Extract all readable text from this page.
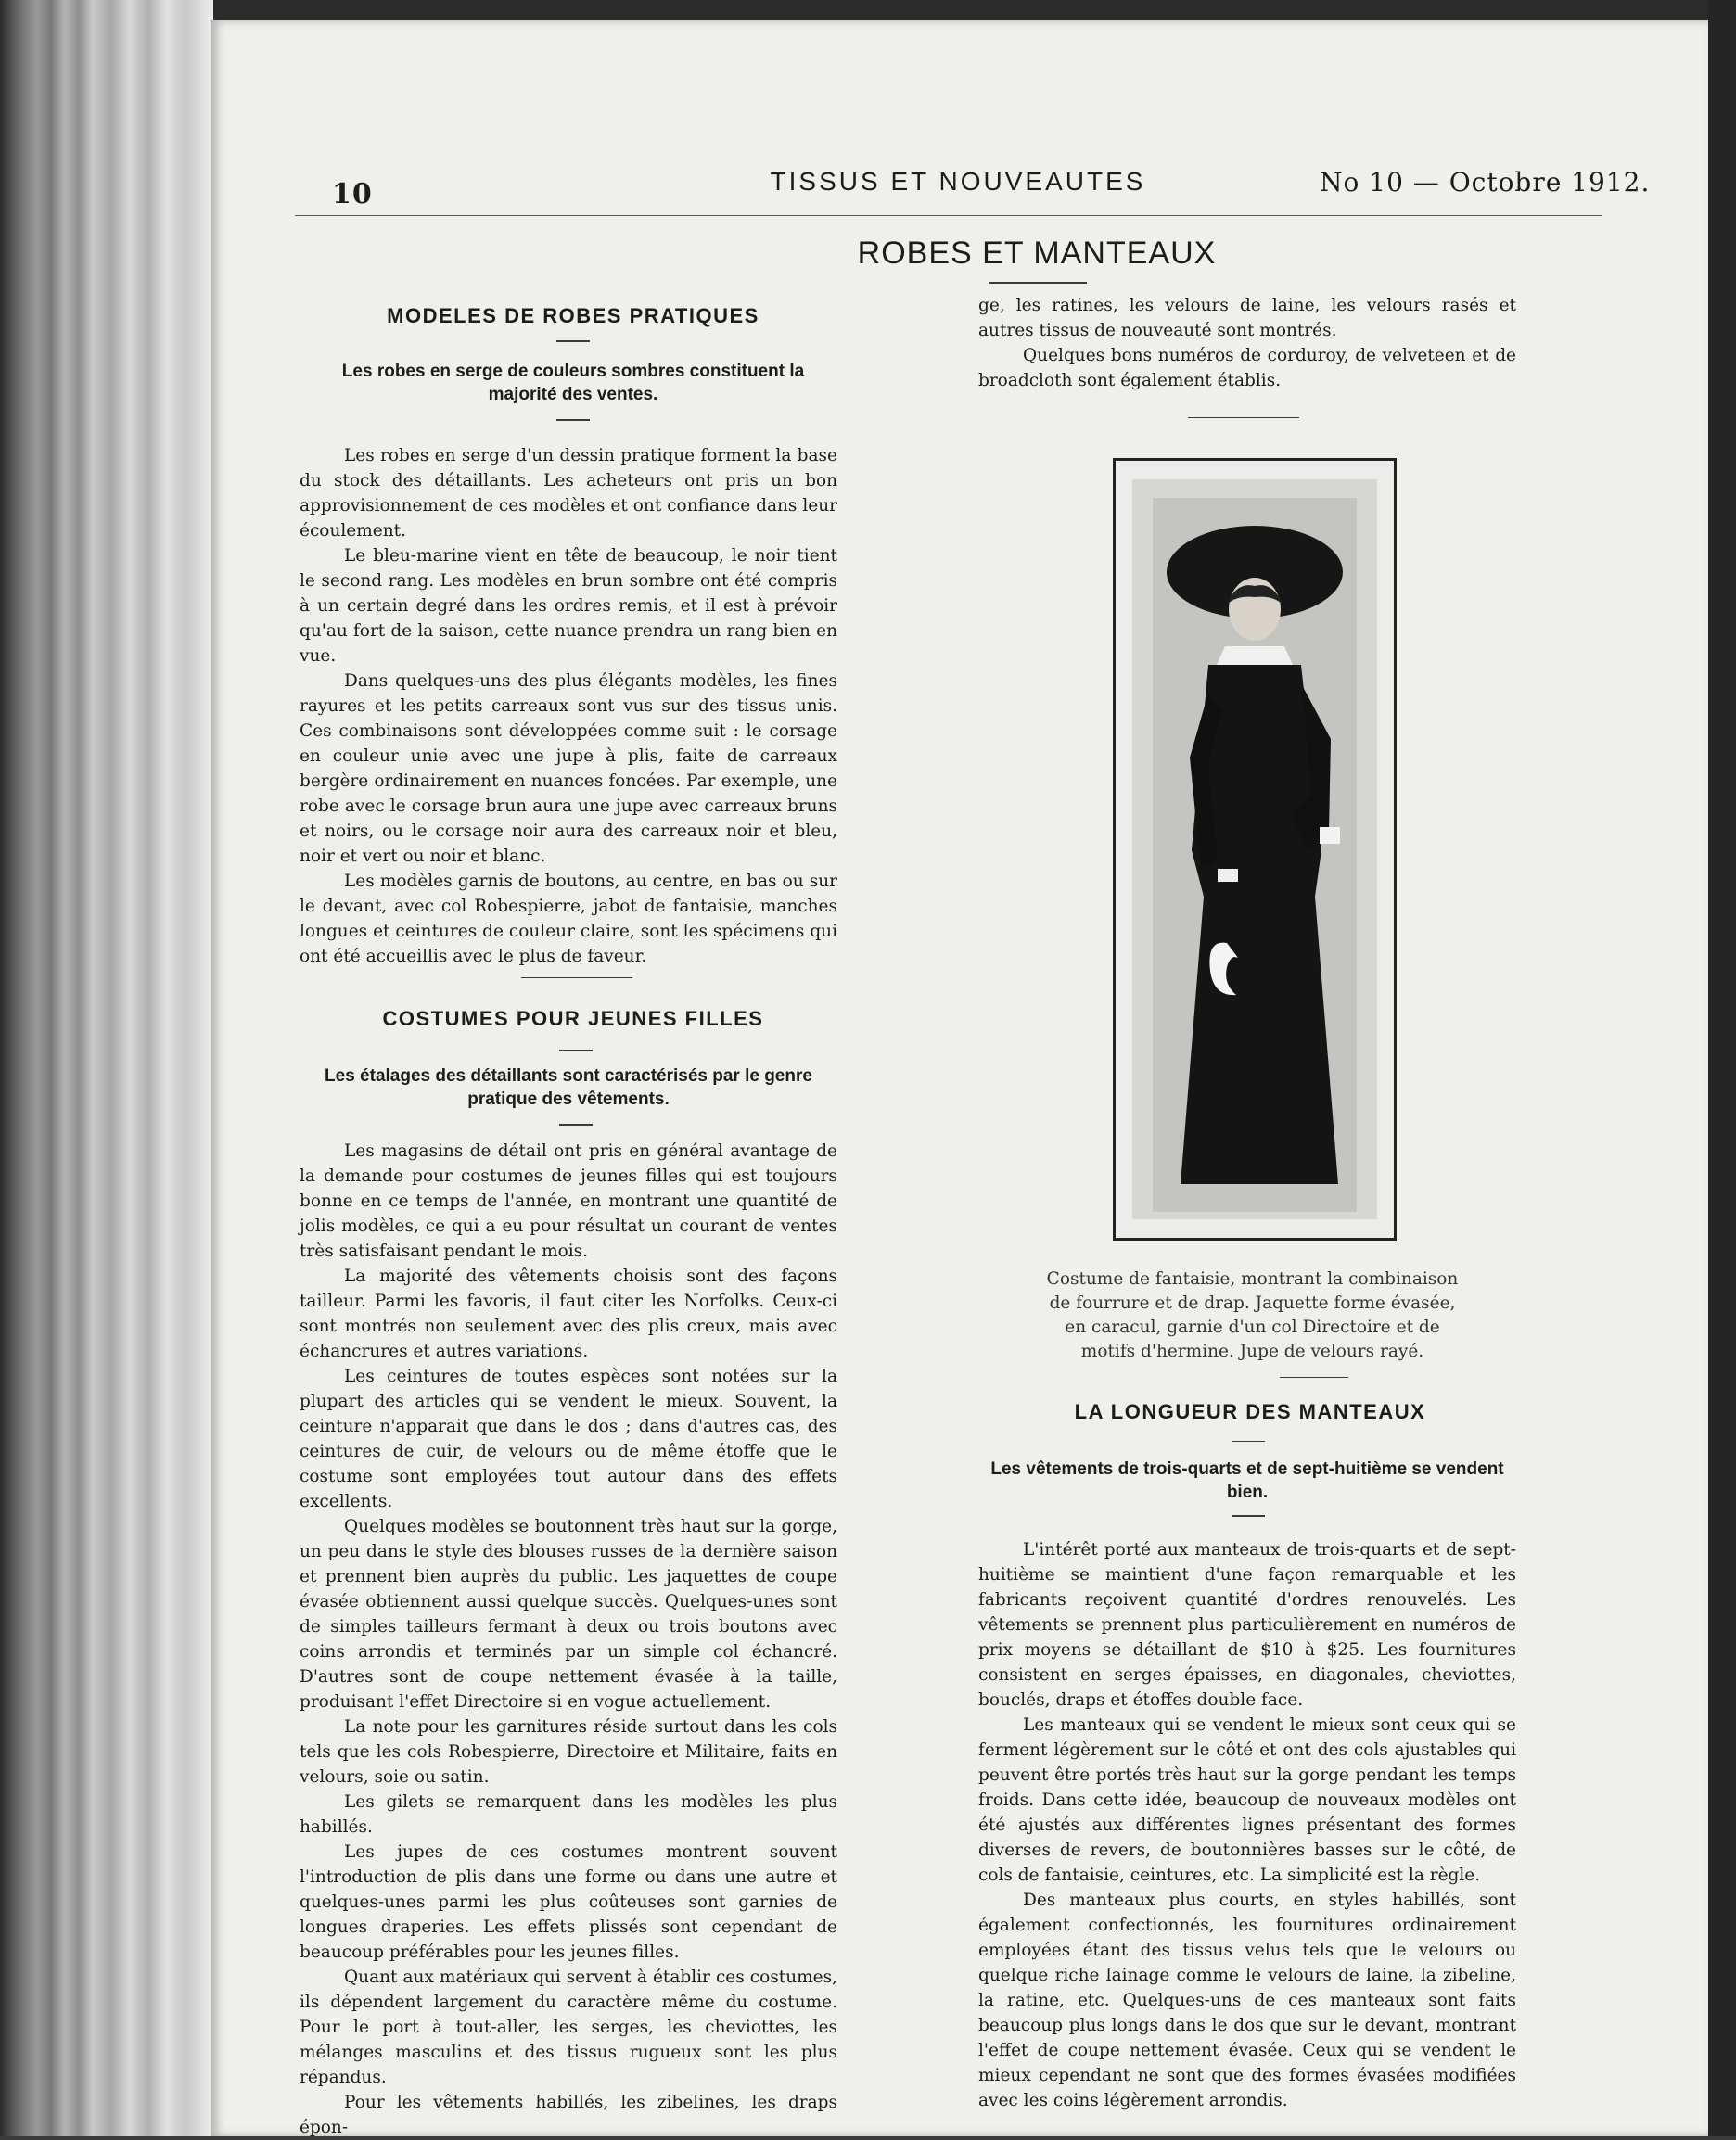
10	TISSUS ET NOUVEAUTES	No 10 — Octobre 1912.
ROBES ET MANTEAUX
MODELES DE ROBES PRATIQUES
Les robes en serge de couleurs sombres constituent la majorité des ventes.

Les robes en serge d'un dessin pratique forment la base du stock des détaillants. Les acheteurs ont pris un bon approvisionnement de ces modèles et ont confiance dans leur écoulement.

Le bleu-marine vient en tête de beaucoup, le noir tient le second rang. Les modèles en brun sombre ont été compris à un certain degré dans les ordres remis, et il est à prévoir qu'au fort de la saison, cette nuance prendra un rang bien en vue.

Dans quelques-uns des plus élégants modèles, les fines rayures et les petits carreaux sont vus sur des tissus unis. Ces combinaisons sont développées comme suit : le corsage en couleur unie avec une jupe à plis, faite de carreaux bergère ordinairement en nuances foncées. Par exemple, une robe avec le corsage brun aura une jupe avec carreaux bruns et noirs, ou le corsage noir aura des carreaux noir et bleu, noir et vert ou noir et blanc.

Les modèles garnis de boutons, au centre, en bas ou sur le devant, avec col Robespierre, jabot de fantaisie, manches longues et ceintures de couleur claire, sont les spécimens qui ont été accueillis avec le plus de faveur.

COSTUMES POUR JEUNES FILLES
Les étalages des détaillants sont caractérisés par le genre pratique des vêtements.

Les magasins de détail ont pris en général avantage de la demande pour costumes de jeunes filles qui est toujours bonne en ce temps de l'année, en montrant une quantité de jolis modèles, ce qui a eu pour résultat un courant de ventes très satisfaisant pendant le mois.

La majorité des vêtements choisis sont des façons tailleur. Parmi les favoris, il faut citer les Norfolks. Ceux-ci sont montrés non seulement avec des plis creux, mais avec échancrures et autres variations.

Les ceintures de toutes espèces sont notées sur la plupart des articles qui se vendent le mieux. Souvent, la ceinture n'apparait que dans le dos ; dans d'autres cas, des ceintures de cuir, de velours ou de même étoffe que le costume sont employées tout autour dans des effets excellents.

Quelques modèles se boutonnent très haut sur la gorge, un peu dans le style des blouses russes de la dernière saison et prennent bien auprès du public. Les jaquettes de coupe évasée obtiennent aussi quelque succès. Quelques-unes sont de simples tailleurs fermant à deux ou trois boutons avec coins arrondis et terminés par un simple col échancré. D'autres sont de coupe nettement évasée à la taille, produisant l'effet Directoire si en vogue actuellement.

La note pour les garnitures réside surtout dans les cols tels que les cols Robespierre, Directoire et Militaire, faits en velours, soie ou satin.

Les gilets se remarquent dans les modèles les plus habillés.

Les jupes de ces costumes montrent souvent l'introduction de plis dans une forme ou dans une autre et quelques-unes parmi les plus coûteuses sont garnies de longues draperies. Les effets plissés sont cependant de beaucoup préférables pour les jeunes filles.

Quant aux matériaux qui servent à établir ces costumes, ils dépendent largement du caractère même du costume. Pour le port à tout-aller, les serges, les cheviottes, les mélanges masculins et des tissus rugueux sont les plus répandus.

Pour les vêtements habillés, les zibelines, les draps épon-

ge, les ratines, les velours de laine, les velours rasés et autres tissus de nouveauté sont montrés.

Quelques bons numéros de corduroy, de velveteen et de broadcloth sont également établis.

Costume de fantaisie, montrant la combinaison de fourrure et de drap. Jaquette forme évasée, en caracul, garnie d'un col Directoire et de motifs d'hermine. Jupe de velours rayé.
LA LONGUEUR DES MANTEAUX
Les vêtements de trois-quarts et de sept-huitième se vendent bien.

L'intérêt porté aux manteaux de trois-quarts et de sept-huitième se maintient d'une façon remarquable et les fabricants reçoivent quantité d'ordres renouvelés. Les vêtements se prennent plus particulièrement en numéros de prix moyens se détaillant de $10 à $25. Les fournitures consistent en serges épaisses, en diagonales, cheviottes, bouclés, draps et étoffes double face.

Les manteaux qui se vendent le mieux sont ceux qui se ferment légèrement sur le côté et ont des cols ajustables qui peuvent être portés très haut sur la gorge pendant les temps froids. Dans cette idée, beaucoup de nouveaux modèles ont été ajustés aux différentes lignes présentant des formes diverses de revers, de boutonnières basses sur le côté, de cols de fantaisie, ceintures, etc. La simplicité est la règle.

Des manteaux plus courts, en styles habillés, sont également confectionnés, les fournitures ordinairement employées étant des tissus velus tels que le velours ou quelque riche lainage comme le velours de laine, la zibeline, la ratine, etc. Quelques-uns de ces manteaux sont faits beaucoup plus longs dans le dos que sur le devant, montrant l'effet de coupe nettement évasée. Ceux qui se vendent le mieux cependant ne sont que des formes évasées modifiées avec les coins légèrement arrondis.
